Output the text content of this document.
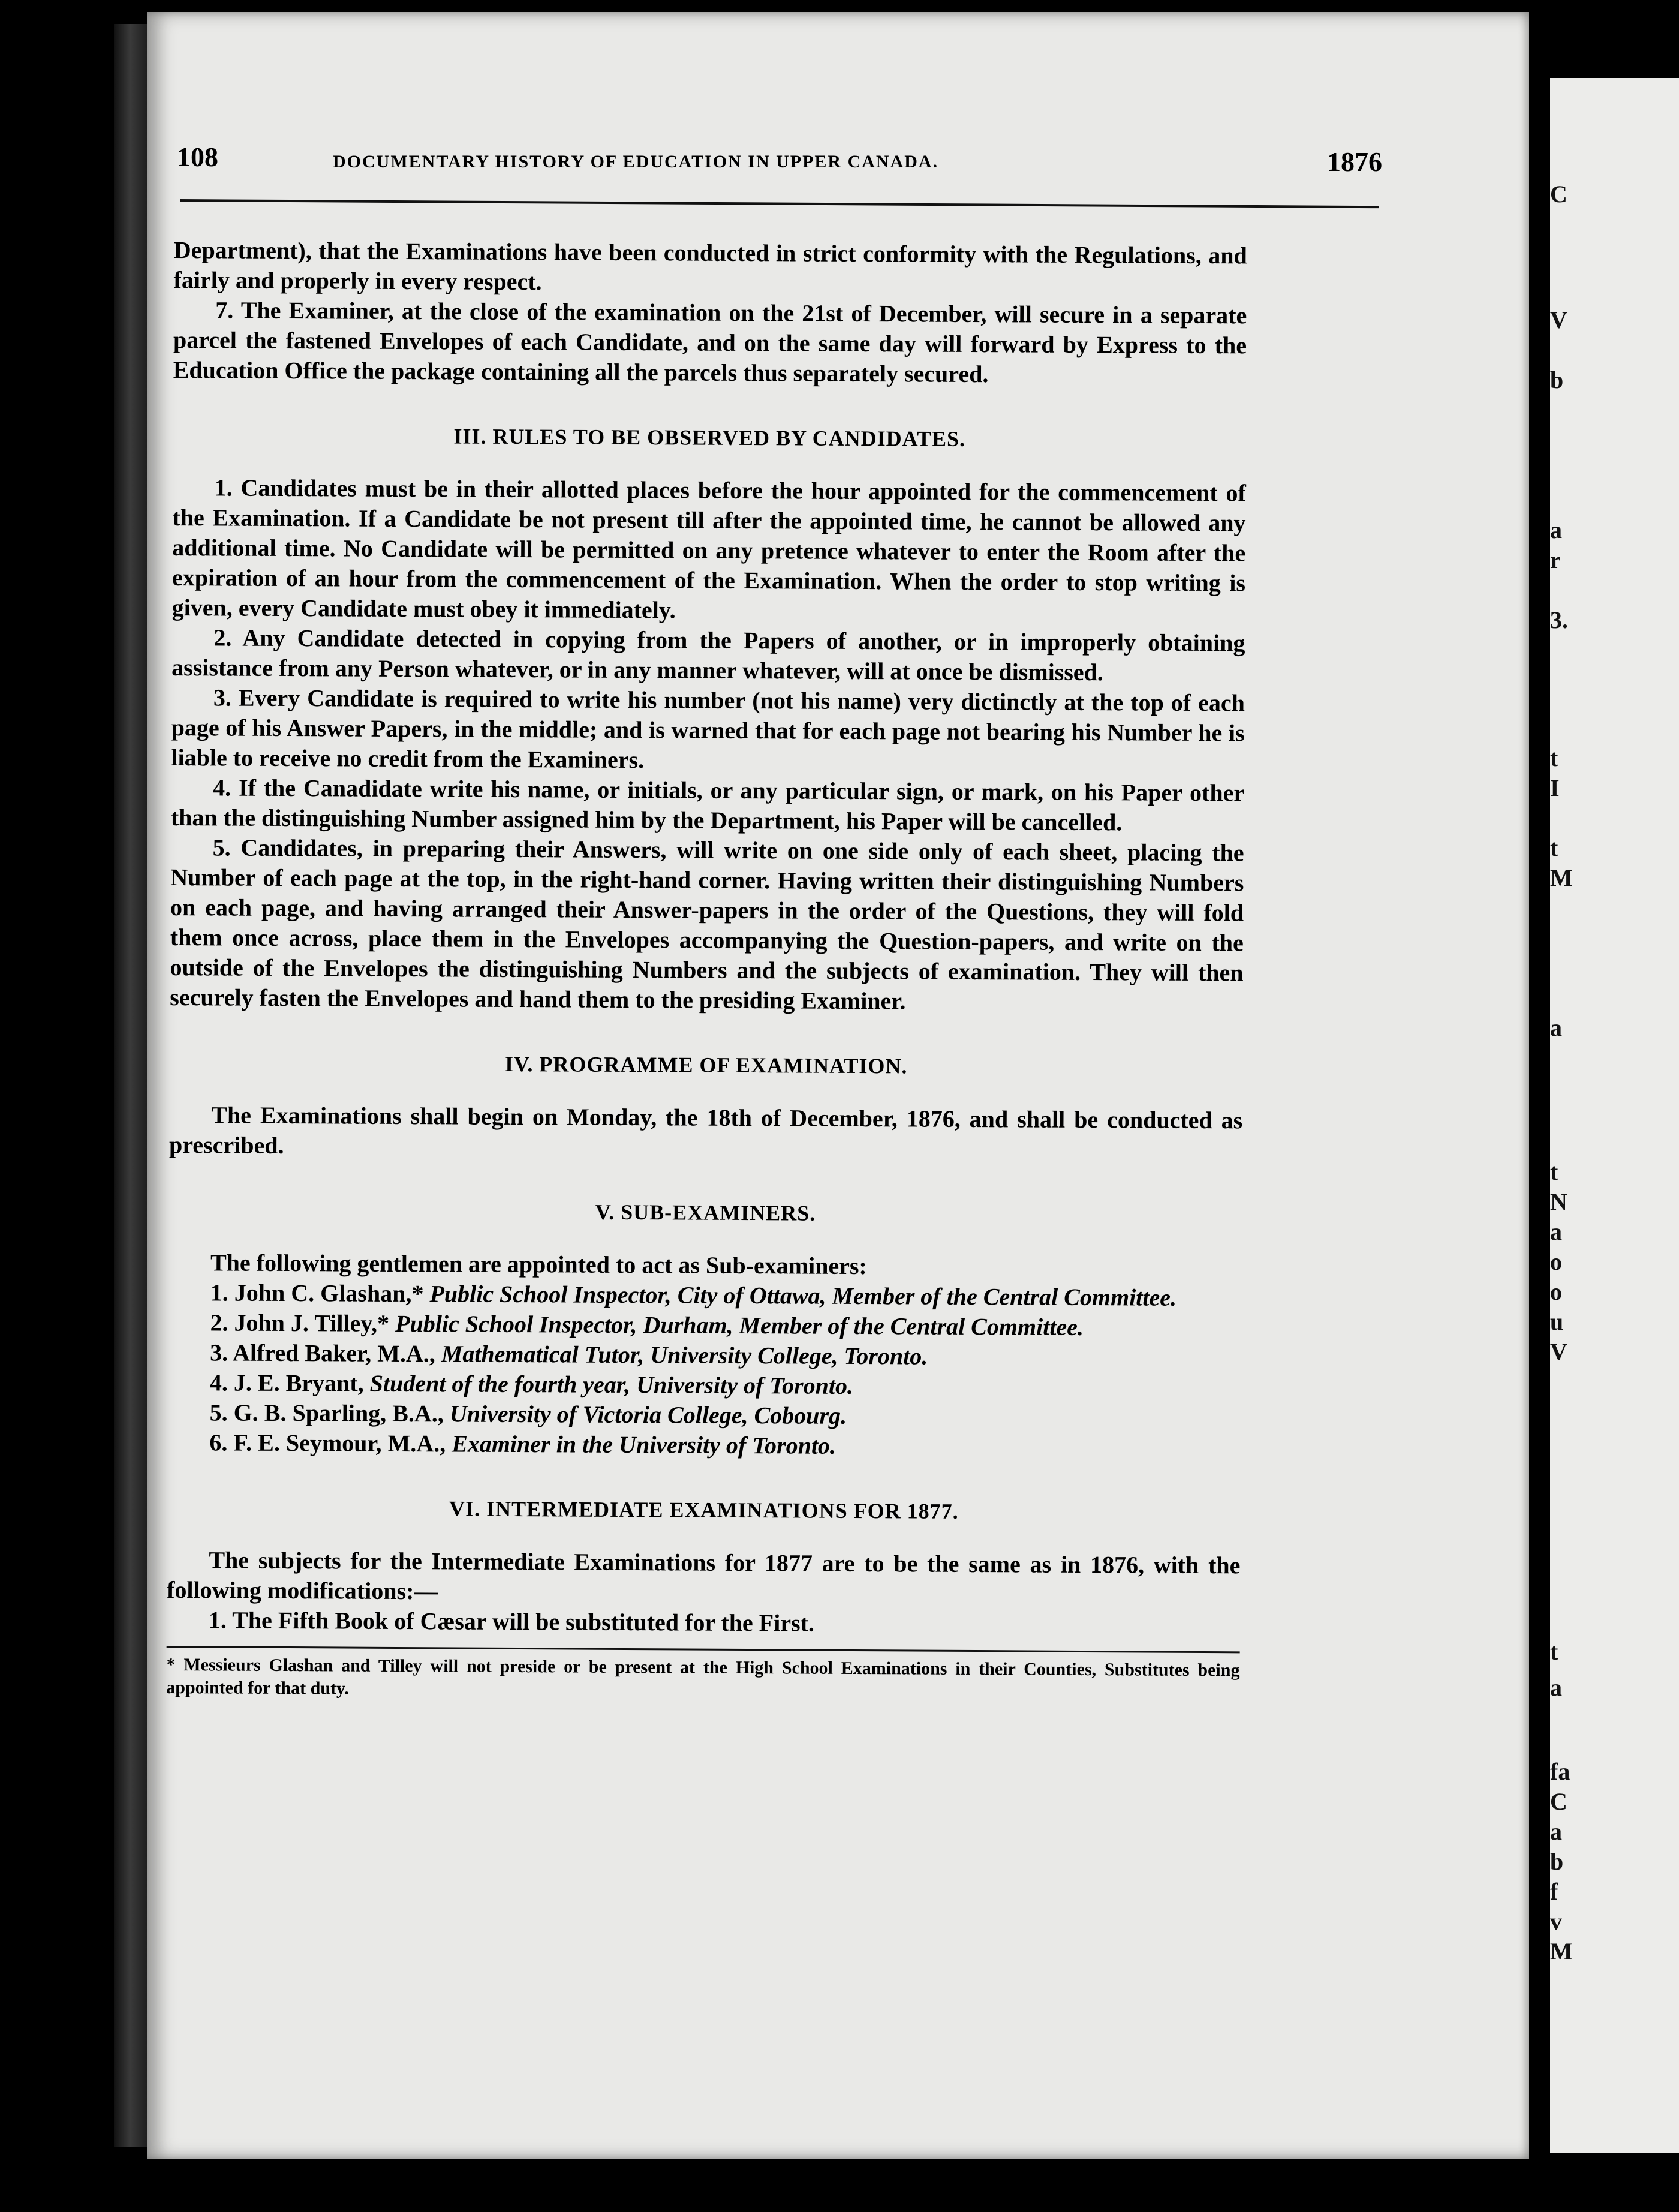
108	DOCUMENTARY HISTORY OF EDUCATION IN UPPER CANADA.	1876

Department), that the Examinations have been conducted in strict conformity with the Regulations, and fairly and properly in every respect.

7. The Examiner, at the close of the examination on the 21st of December, will secure in a separate parcel the fastened Envelopes of each Candidate, and on the same day will forward by Express to the Education Office the package containing all the parcels thus separately secured.

III. RULES TO BE OBSERVED BY CANDIDATES.

1. Candidates must be in their allotted places before the hour appointed for the commencement of the Examination. If a Candidate be not present till after the appointed time, he cannot be allowed any additional time. No Candidate will be permitted on any pretence whatever to enter the Room after the expiration of an hour from the commencement of the Examination. When the order to stop writing is given, every Candidate must obey it immediately.

2. Any Candidate detected in copying from the Papers of another, or in improperly obtaining assistance from any Person whatever, or in any manner whatever, will at once be dismissed.

3. Every Candidate is required to write his number (not his name) very dictinctly at the top of each page of his Answer Papers, in the middle; and is warned that for each page not bearing his Number he is liable to receive no credit from the Examiners.

4. If the Canadidate write his name, or initials, or any particular sign, or mark, on his Paper other than the distinguishing Number assigned him by the Department, his Paper will be cancelled.

5. Candidates, in preparing their Answers, will write on one side only of each sheet, placing the Number of each page at the top, in the right-hand corner. Having written their distinguishing Numbers on each page, and having arranged their Answer-papers in the order of the Questions, they will fold them once across, place them in the Envelopes accompanying the Question-papers, and write on the outside of the Envelopes the distinguishing Numbers and the subjects of examination. They will then securely fasten the Envelopes and hand them to the presiding Examiner.

IV. PROGRAMME OF EXAMINATION.

The Examinations shall begin on Monday, the 18th of December, 1876, and shall be conducted as prescribed.

V. SUB-EXAMINERS.

The following gentlemen are appointed to act as Sub-examiners:

1. John C. Glashan,* Public School Inspector, City of Ottawa, Member of the Central Committee.

2. John J. Tilley,* Public School Inspector, Durham, Member of the Central Committee.

3. Alfred Baker, M.A., Mathematical Tutor, University College, Toronto.

4. J. E. Bryant, Student of the fourth year, University of Toronto.

5. G. B. Sparling, B.A., University of Victoria College, Cobourg.

6. F. E. Seymour, M.A., Examiner in the University of Toronto.

VI. INTERMEDIATE EXAMINATIONS FOR 1877.

The subjects for the Intermediate Examinations for 1877 are to be the same as in 1876, with the following modifications:—

1. The Fifth Book of Cæsar will be substituted for the First.

* Messieurs Glashan and Tilley will not preside or be present at the High School Examinations in their Counties, Substitutes being appointed for that duty.

C
V
b
a
r
3.
t
I
t
M
a
t
N
a
o
o
u
V
t
a
fa
C
a
b
f
v
M
